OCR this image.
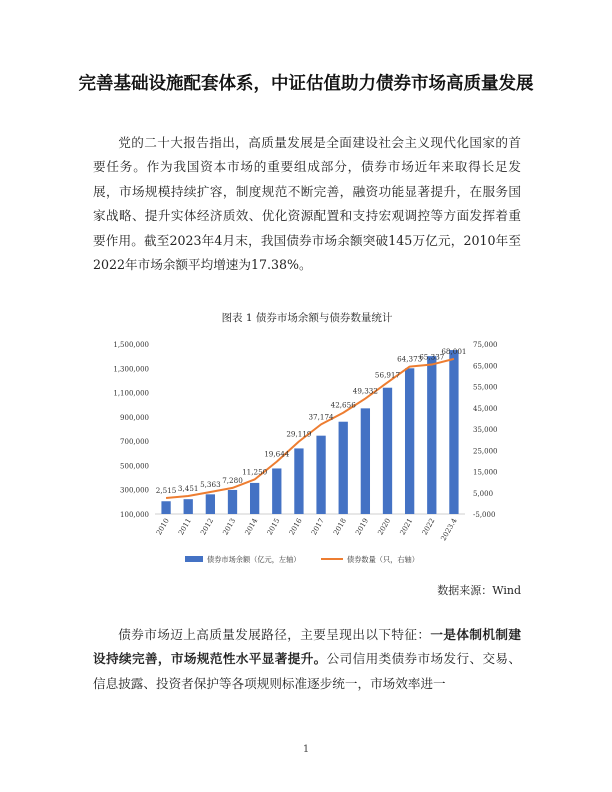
完善基础设施配套体系，中证估值助力债券市场高质量发展

党的二十大报告指出，高质量发展是全面建设社会主义现代化国家的首要任务。作为我国资本市场的重要组成部分，债券市场近年来取得长足发展，市场规模持续扩容，制度规范不断完善，融资功能显著提升，在服务国家战略、提升实体经济质效、优化资源配置和支持宏观调控等方面发挥着重要作用。截至2023年4月末，我国债券市场余额突破145万亿元，2010年至2022年市场余额平均增速为17.38%。

图表 1 债券市场余额与债券数量统计
100,000
300,000
500,000
700,000
900,000
1,100,000
1,300,000
1,500,000
-5,000
5,000
15,000
25,000
35,000
45,000
55,000
65,000
75,000
2,515 3,451 5,363 7,280
11,250
19,644
29,119
37,174
42,656
49,332
56,917
64,373
65,337
68,001
2010 2011 2012 2013 2014 2015 2016 2017 2018 2019 2020 2021 2022 2023.4
债券市场余额（亿元，左轴）	债券数量（只，右轴）
数据来源：Wind

债券市场迈上高质量发展路径，主要呈现出以下特征：一是体制机制建设持续完善，市场规范性水平显著提升。公司信用类债券市场发行、交易、信息披露、投资者保护等各项规则标准逐步统一，市场效率进一

1
